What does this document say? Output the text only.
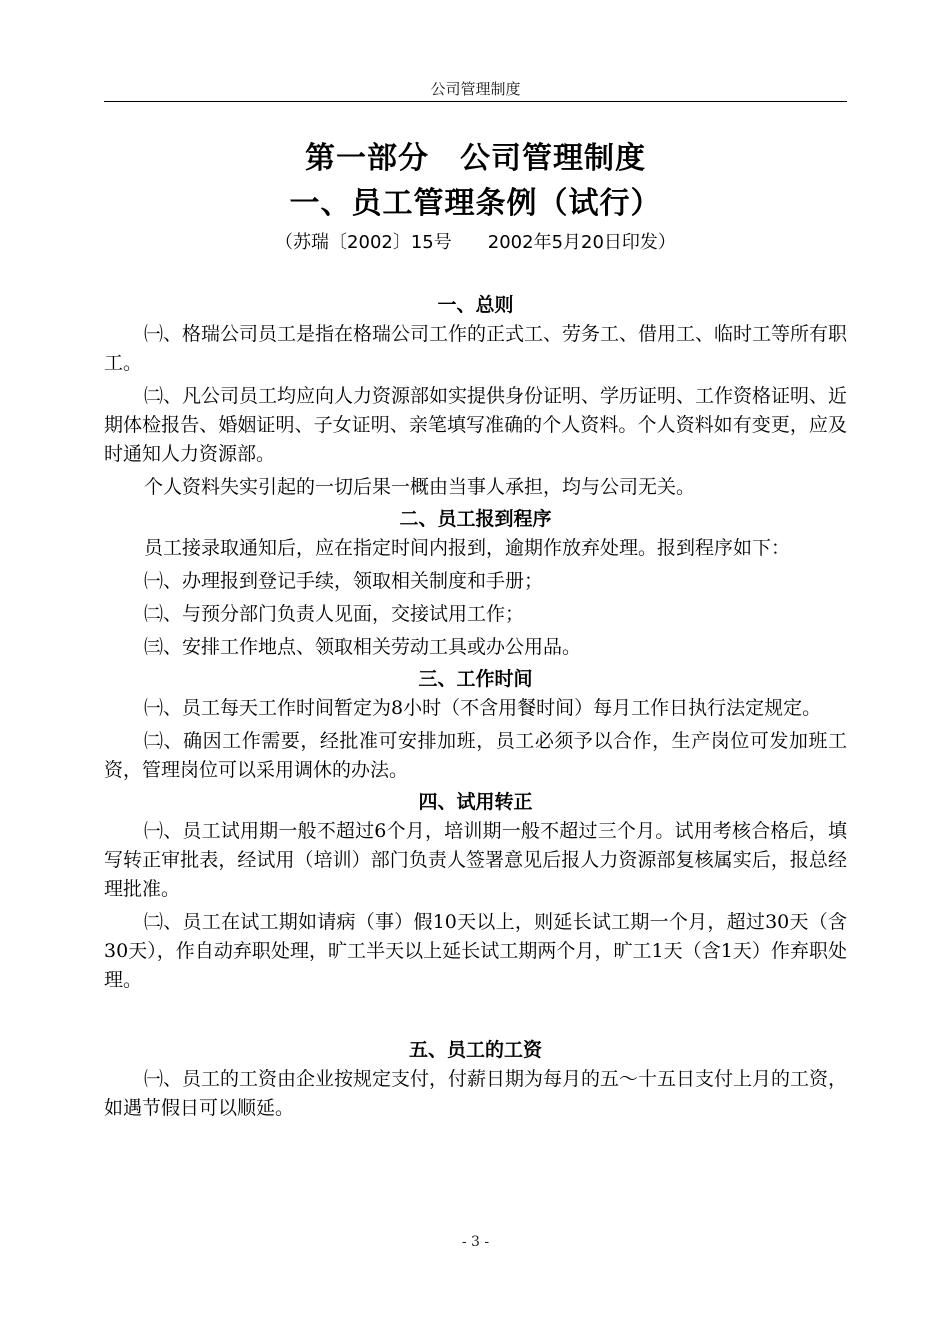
公司管理制度
第一部分　公司管理制度
一、员工管理条例（试行）
（苏瑞〔2002〕15号　　2002年5月20日印发）
一、总则

㈠、格瑞公司员工是指在格瑞公司工作的正式工、劳务工、借用工、临时工等所有职工。

㈡、凡公司员工均应向人力资源部如实提供身份证明、学历证明、工作资格证明、近期体检报告、婚姻证明、子女证明、亲笔填写准确的个人资料。个人资料如有变更，应及时通知人力资源部。

个人资料失实引起的一切后果一概由当事人承担，均与公司无关。

二、员工报到程序

员工接录取通知后，应在指定时间内报到，逾期作放弃处理。报到程序如下：

㈠、办理报到登记手续，领取相关制度和手册；

㈡、与预分部门负责人见面，交接试用工作；

㈢、安排工作地点、领取相关劳动工具或办公用品。

三、工作时间

㈠、员工每天工作时间暂定为8小时（不含用餐时间）每月工作日执行法定规定。

㈡、确因工作需要，经批准可安排加班，员工必须予以合作，生产岗位可发加班工资，管理岗位可以采用调休的办法。

四、试用转正

㈠、员工试用期一般不超过6个月，培训期一般不超过三个月。试用考核合格后，填写转正审批表，经试用（培训）部门负责人签署意见后报人力资源部复核属实后，报总经理批准。

㈡、员工在试工期如请病（事）假10天以上，则延长试工期一个月，超过30天（含30天），作自动弃职处理，旷工半天以上延长试工期两个月，旷工1天（含1天）作弃职处理。

五、员工的工资

㈠、员工的工资由企业按规定支付，付薪日期为每月的五～十五日支付上月的工资，如遇节假日可以顺延。

- 3 -
